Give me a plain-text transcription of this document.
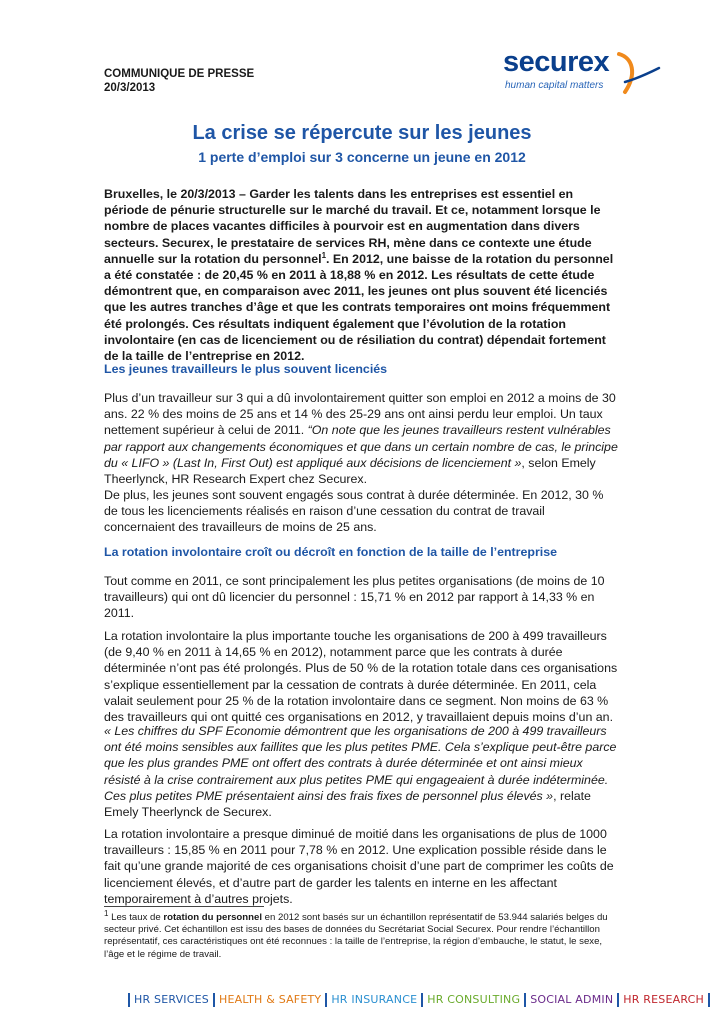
COMMUNIQUE DE PRESSE
20/3/2013
securex
human capital matters
La crise se répercute sur les jeunes
1 perte d’emploi sur 3 concerne un jeune en 2012
Bruxelles, le 20/3/2013 – Garder les talents dans les entreprises est essentiel en période de pénurie structurelle sur le marché du travail. Et ce, notamment lorsque le nombre de places vacantes difficiles à pourvoir est en augmentation dans divers secteurs. Securex, le prestataire de services RH, mène dans ce contexte une étude annuelle sur la rotation du personnel$^1$. En 2012, une baisse de la rotation du personnel a été constatée : de 20,45 % en 2011 à 18,88 % en 2012. Les résultats de cette étude démontrent que, en comparaison avec 2011, les jeunes ont plus souvent été licenciés que les autres tranches d’âge et que les contrats temporaires ont moins fréquemment été prolongés. Ces résultats indiquent également que l’évolution de la rotation involontaire (en cas de licenciement ou de résiliation du contrat) dépendait fortement de la taille de l’entreprise en 2012.
Les jeunes travailleurs le plus souvent licenciés
Plus d’un travailleur sur 3 qui a dû involontairement quitter son emploi en 2012 a moins de 30 ans. 22 % des moins de 25 ans et 14 % des 25-29 ans ont ainsi perdu leur emploi. Un taux nettement supérieur à celui de 2011. “On note que les jeunes travailleurs restent vulnérables par rapport aux changements économiques et que dans un certain nombre de cas, le principe du « LIFO » (Last In, First Out) est appliqué aux décisions de licenciement », selon Emely Theerlynck, HR Research Expert chez Securex.
De plus, les jeunes sont souvent engagés sous contrat à durée déterminée. En 2012, 30 % de tous les licenciements réalisés en raison d’une cessation du contrat de travail concernaient des travailleurs de moins de 25 ans.
La rotation involontaire croît ou décroît en fonction de la taille de l’entreprise
Tout comme en 2011, ce sont principalement les plus petites organisations (de moins de 10 travailleurs) qui ont dû licencier du personnel : 15,71 % en 2012 par rapport à 14,33 % en 2011.
La rotation involontaire la plus importante touche les organisations de 200 à 499 travailleurs (de 9,40 % en 2011 à 14,65 % en 2012), notamment parce que les contrats à durée déterminée n’ont pas été prolongés. Plus de 50 % de la rotation totale dans ces organisations s’explique essentiellement par la cessation de contrats à durée déterminée. En 2011, cela valait seulement pour 25 % de la rotation involontaire dans ce segment. Non moins de 63 % des travailleurs qui ont quitté ces organisations en 2012, y travaillaient depuis moins d’un an.
« Les chiffres du SPF Economie démontrent que les organisations de 200 à 499 travailleurs ont été moins sensibles aux faillites que les plus petites PME. Cela s’explique peut-être parce que les plus grandes PME ont offert des contrats à durée déterminée et ont ainsi mieux résisté à la crise contrairement aux plus petites PME qui engageaient à durée indéterminée. Ces plus petites PME présentaient ainsi des frais fixes de personnel plus élevés », relate Emely Theerlynck de Securex.
La rotation involontaire a presque diminué de moitié dans les organisations de plus de 1000 travailleurs : 15,85 % en 2011 pour 7,78 % en 2012. Une explication possible réside dans le fait qu’une grande majorité de ces organisations choisit d’une part de comprimer les coûts de licenciement élevés, et d’autre part de garder les talents en interne en les affectant temporairement à d’autres projets.
$^1$ Les taux de rotation du personnel en 2012 sont basés sur un échantillon représentatif de 53.944 salariés belges du secteur privé. Cet échantillon est issu des bases de données du Secrétariat Social Securex. Pour rendre l’échantillon représentatif, ces caractéristiques ont été reconnues : la taille de l’entreprise, la région d’embauche, le statut, le sexe, l’âge et le régime de travail.
HR SERVICES HEALTH & SAFETY HR INSURANCE HR CONSULTING SOCIAL ADMIN HR RESEARCH
